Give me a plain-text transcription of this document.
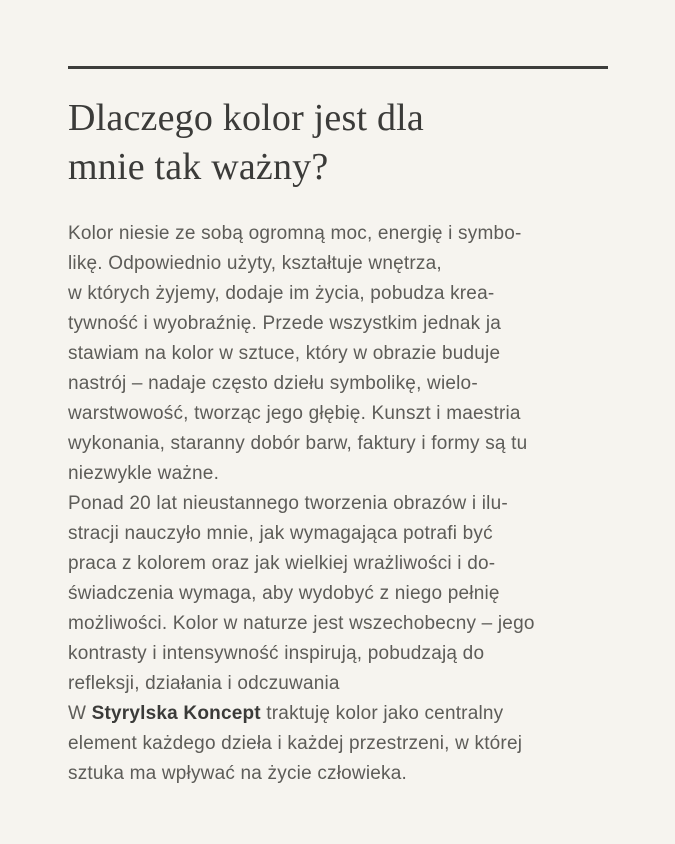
Dlaczego kolor jest dla
mnie tak ważny?
Kolor niesie ze sobą ogromną moc, energię i symbo-
likę. Odpowiednio użyty, kształtuje wnętrza,
w których żyjemy, dodaje im życia, pobudza krea-
tywność i wyobraźnię. Przede wszystkim jednak ja
stawiam na kolor w sztuce, który w obrazie buduje
nastrój – nadaje często dziełu symbolikę, wielo-
warstwowość, tworząc jego głębię. Kunszt i maestria
wykonania, staranny dobór barw, faktury i formy są tu
niezwykle ważne.
Ponad 20 lat nieustannego tworzenia obrazów i ilu-
stracji nauczyło mnie, jak wymagająca potrafi być
praca z kolorem oraz jak wielkiej wrażliwości i do-
świadczenia wymaga, aby wydobyć z niego pełnię
możliwości. Kolor w naturze jest wszechobecny – jego
kontrasty i intensywność inspirują, pobudzają do
refleksji, działania i odczuwania
W Styrylska Koncept traktuję kolor jako centralny
element każdego dzieła i każdej przestrzeni, w której
sztuka ma wpływać na życie człowieka.
